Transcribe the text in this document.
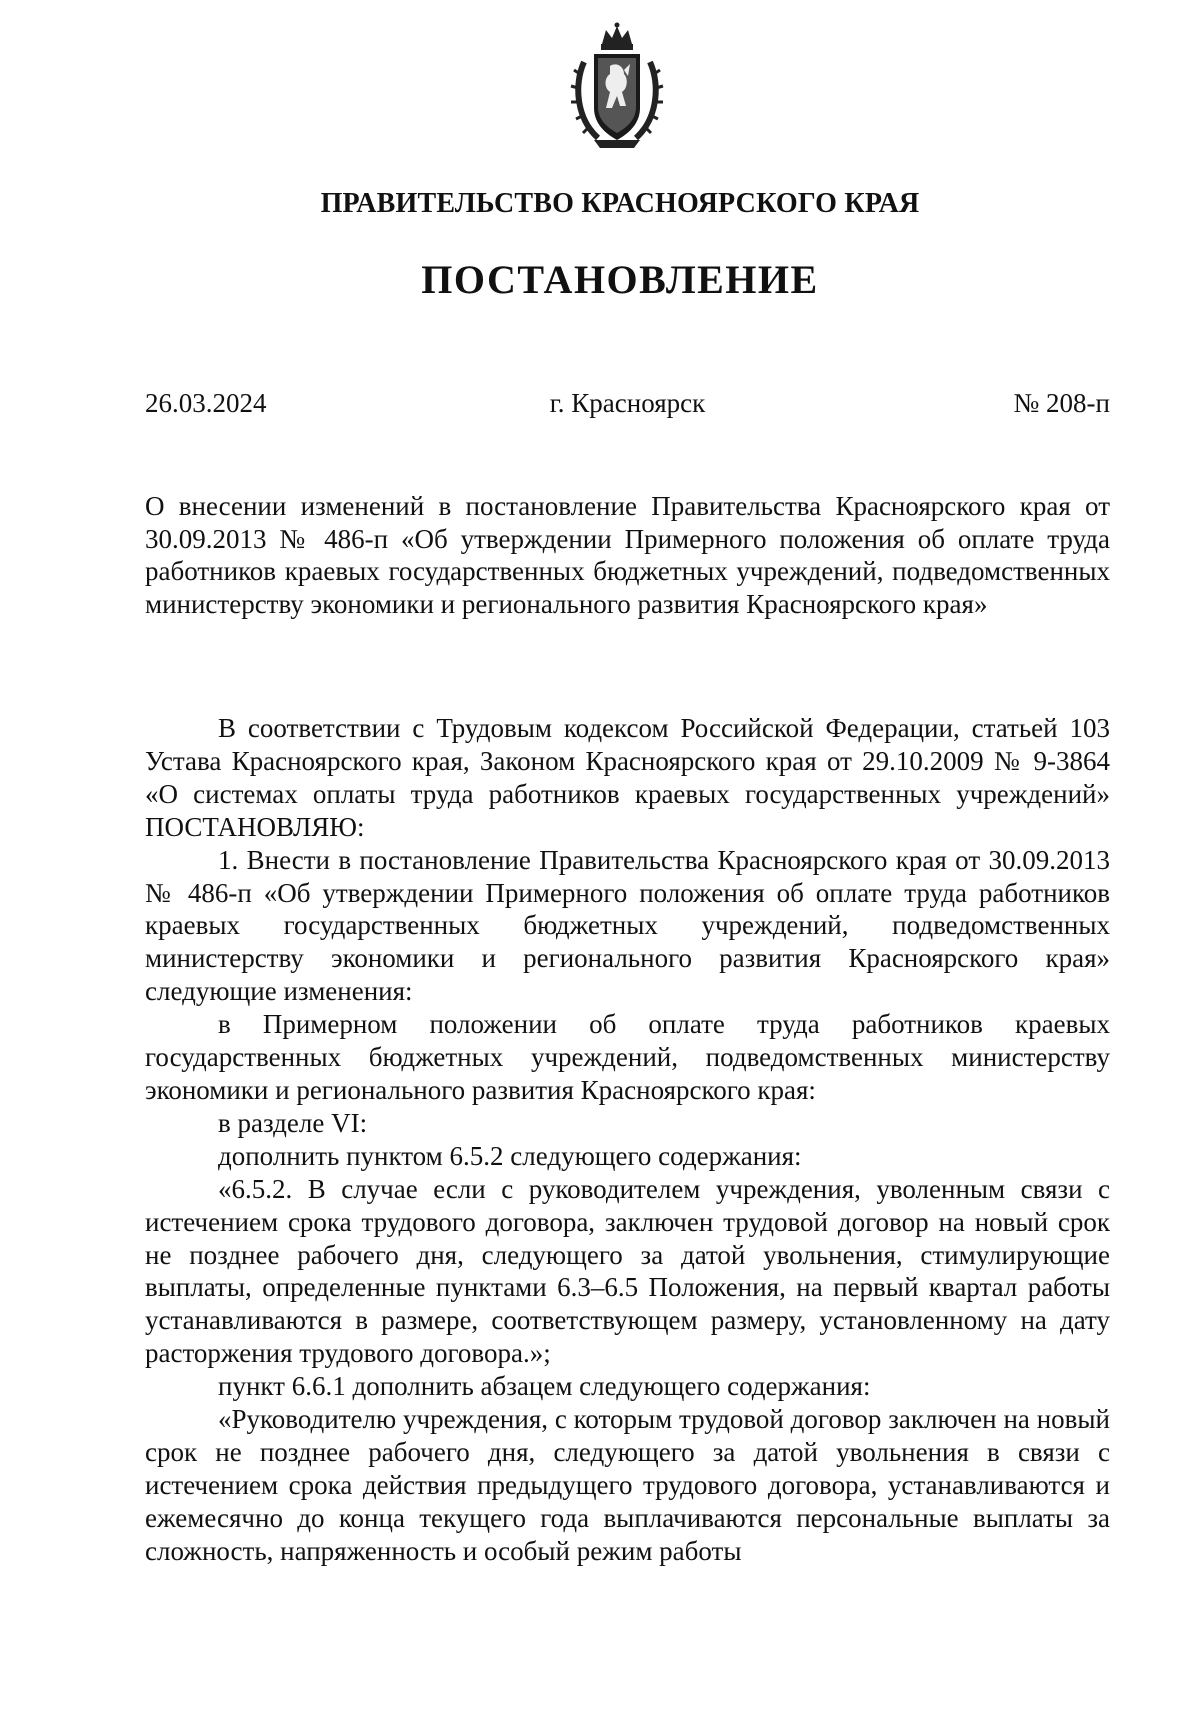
ПРАВИТЕЛЬСТВО КРАСНОЯРСКОГО КРАЯ
ПОСТАНОВЛЕНИЕ
26.03.2024	г. Красноярск	№ 208-п
О внесении изменений в постановление Правительства Красноярского края от 30.09.2013 № 486-п «Об утверждении Примерного положения об оплате труда работников краевых государственных бюджетных учреждений, подведомственных министерству экономики и регионального развития Красноярского края»

В соответствии с Трудовым кодексом Российской Федерации, статьей 103 Устава Красноярского края, Законом Красноярского края от 29.10.2009 № 9-3864 «О системах оплаты труда работников краевых государственных учреждений» ПОСТАНОВЛЯЮ:

1. Внести в постановление Правительства Красноярского края от 30.09.2013 № 486-п «Об утверждении Примерного положения об оплате труда работников краевых государственных бюджетных учреждений, подведомственных министерству экономики и регионального развития Красноярского края» следующие изменения:

в Примерном положении об оплате труда работников краевых государственных бюджетных учреждений, подведомственных министерству экономики и регионального развития Красноярского края:

в разделе VI:

дополнить пунктом 6.5.2 следующего содержания:

«6.5.2. В случае если с руководителем учреждения, уволенным связи с истечением срока трудового договора, заключен трудовой договор на новый срок не позднее рабочего дня, следующего за датой увольнения, стимулирующие выплаты, определенные пунктами 6.3–6.5 Положения, на первый квартал работы устанавливаются в размере, соответствующем размеру, установленному на дату расторжения трудового договора.»;

пункт 6.6.1 дополнить абзацем следующего содержания:

«Руководителю учреждения, с которым трудовой договор заключен на новый срок не позднее рабочего дня, следующего за датой увольнения в связи с истечением срока действия предыдущего трудового договора, устанавливаются и ежемесячно до конца текущего года выплачиваются персональные выплаты за сложность, напряженность и особый режим работы
